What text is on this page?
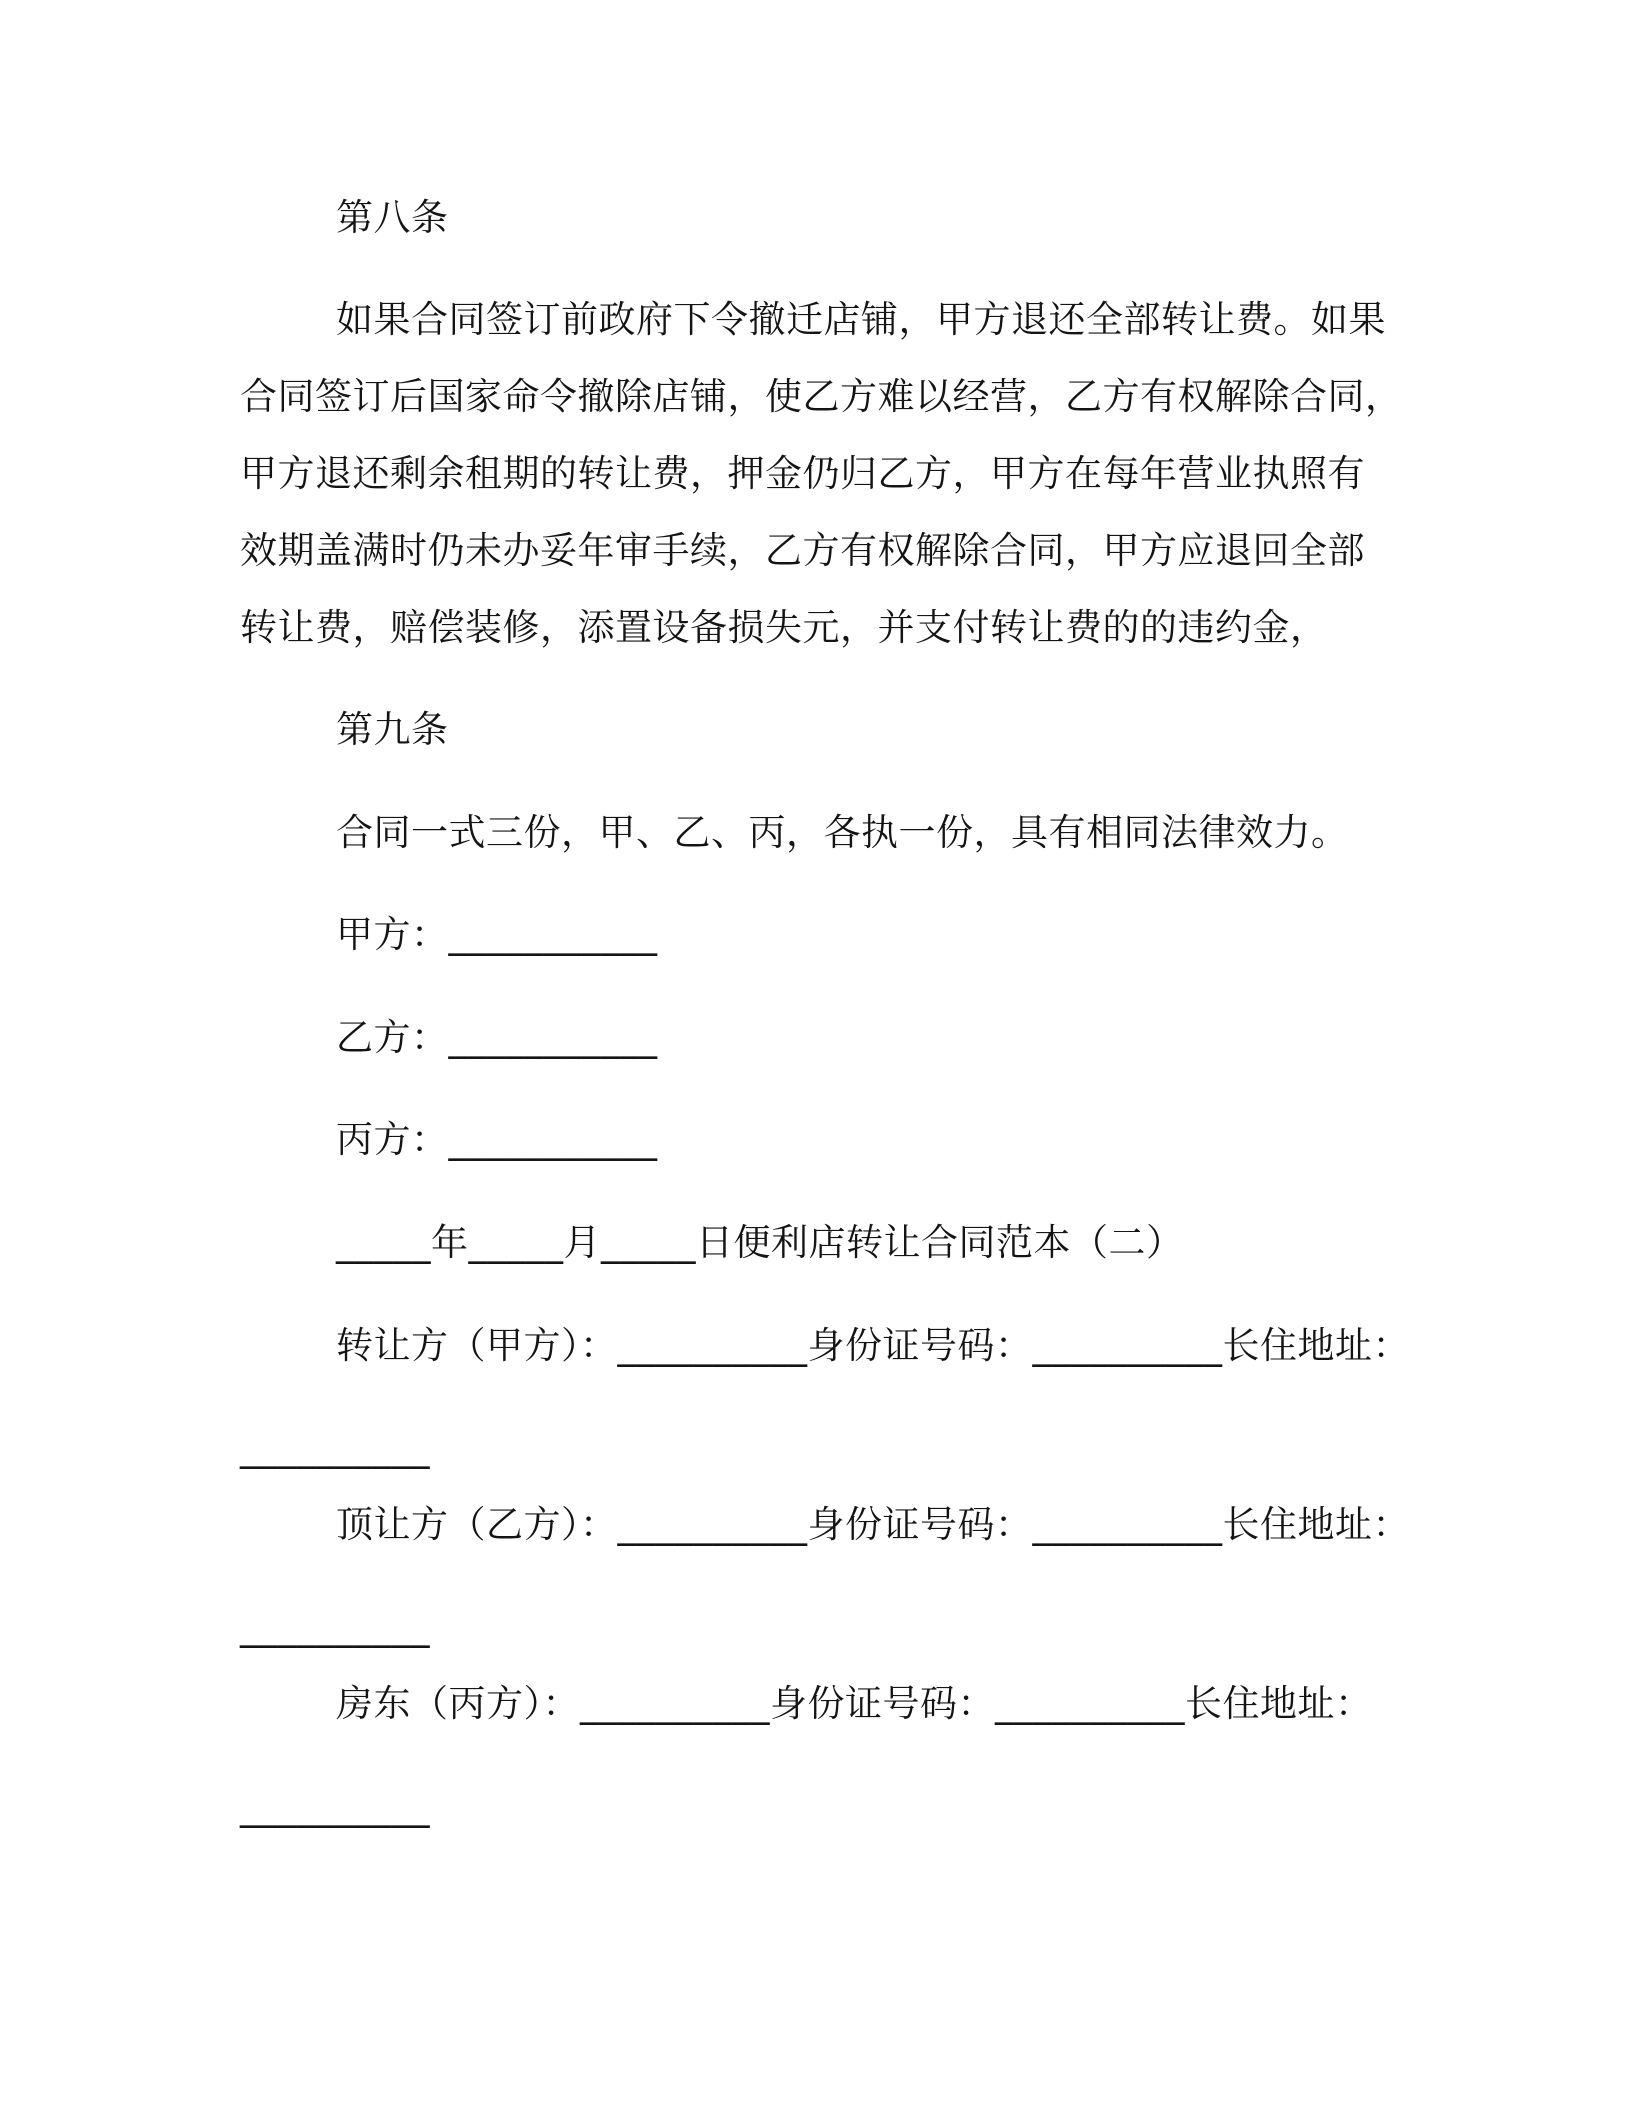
第八条
如果合同签订前政府下令撤迁店铺，甲方退还全部转让费。如果
合同签订后国家命令撤除店铺，使乙方难以经营，乙方有权解除合同，
甲方退还剩余租期的转让费，押金仍归乙方，甲方在每年营业执照有
效期盖满时仍未办妥年审手续，乙方有权解除合同，甲方应退回全部
转让费，赔偿装修，添置设备损失元，并支付转让费的的违约金，
第九条
合同一式三份，甲、乙、丙，各执一份，具有相同法律效力。
甲方：___________
乙方：___________
丙方：___________
_____年_____月_____日便利店转让合同范本（二）
转让方（甲方）：__________身份证号码：__________长住地址：
__________
顶让方（乙方）：__________身份证号码：__________长住地址：
__________
房东（丙方）：__________身份证号码：__________长住地址：
__________
